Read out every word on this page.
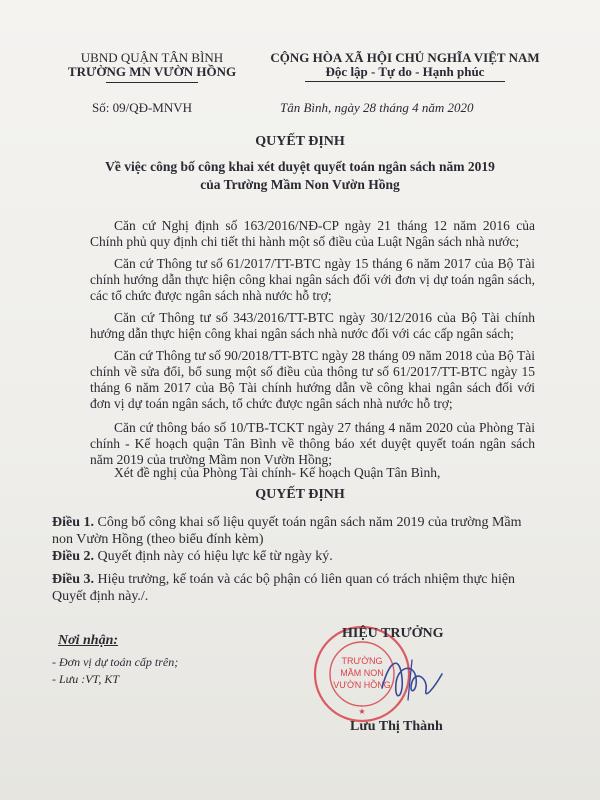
UBND QUẬN TÂN BÌNH
TRƯỜNG MN VƯỜN HỒNG
CỘNG HÒA XÃ HỘI CHỦ NGHĨA VIỆT NAM
Độc lập - Tự do - Hạnh phúc
Số: 09/QĐ-MNVH	Tân Bình, ngày 28 tháng 4 năm 2020
QUYẾT ĐỊNH
Về việc công bố công khai xét duyệt quyết toán ngân sách năm 2019
của Trường Mầm Non Vườn Hồng
Căn cứ Nghị định số 163/2016/NĐ-CP ngày 21 tháng 12 năm 2016 của Chính phủ quy định chi tiết thi hành một số điều của Luật Ngân sách nhà nước;
Căn cứ Thông tư số 61/2017/TT-BTC ngày 15 tháng 6 năm 2017 của Bộ Tài chính hướng dẫn thực hiện công khai ngân sách đối với đơn vị dự toán ngân sách, các tổ chức được ngân sách nhà nước hỗ trợ;
Căn cứ Thông tư số 343/2016/TT-BTC ngày 30/12/2016 của Bộ Tài chính hướng dẫn thực hiện công khai ngân sách nhà nước đối với các cấp ngân sách;
Căn cứ Thông tư số 90/2018/TT-BTC ngày 28 tháng 09 năm 2018 của Bộ Tài chính về sửa đổi, bổ sung một số điều của thông tư số 61/2017/TT-BTC ngày 15 tháng 6 năm 2017 của Bộ Tài chính hướng dẫn về công khai ngân sách đối với đơn vị dự toán ngân sách, tổ chức được ngân sách nhà nước hỗ trợ;
Căn cứ thông báo số 10/TB-TCKT ngày 27 tháng 4 năm 2020 của Phòng Tài chính - Kế hoạch quận Tân Bình về thông báo xét duyệt quyết toán ngân sách năm 2019 của trường Mầm non Vườn Hồng;
Xét đề nghị của Phòng Tài chính- Kế hoạch Quận Tân Bình,
QUYẾT ĐỊNH
Điều 1. Công bố công khai số liệu quyết toán ngân sách năm 2019 của trường Mầm non Vườn Hồng (theo biểu đính kèm)
Điều 2. Quyết định này có hiệu lực kể từ ngày ký.
Điều 3. Hiệu trưởng, kế toán và các bộ phận có liên quan có trách nhiệm thực hiện Quyết định này./.
Nơi nhận:
- Đơn vị dự toán cấp trên;
- Lưu :VT, KT
TRƯỜNG
MẦM NON
VƯỜN HỒNG
★
HIỆU TRƯỞNG
Lưu Thị Thành
